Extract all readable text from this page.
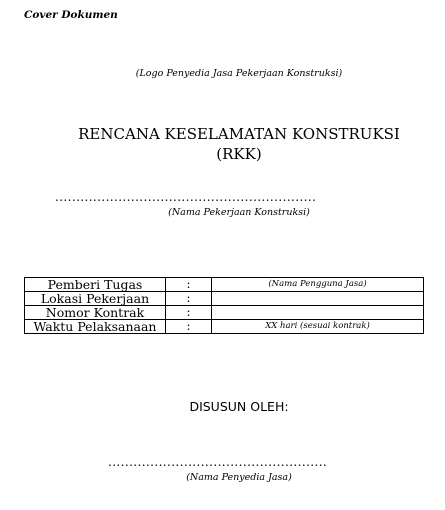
Cover Dokumen
(Logo Penyedia Jasa Pekerjaan Konstruksi)
RENCANA KESELAMATAN KONSTRUKSI
(RKK)
..............................................................
(Nama Pekerjaan Konstruksi)
Pemberi Tugas	:	(Nama Pengguna Jasa)
Lokasi Pekerjaan	:	
Nomor Kontrak	:	
Waktu Pelaksanaan	:	XX hari (sesuai kontrak)
DISUSUN OLEH:
....................................................
(Nama Penyedia Jasa)
